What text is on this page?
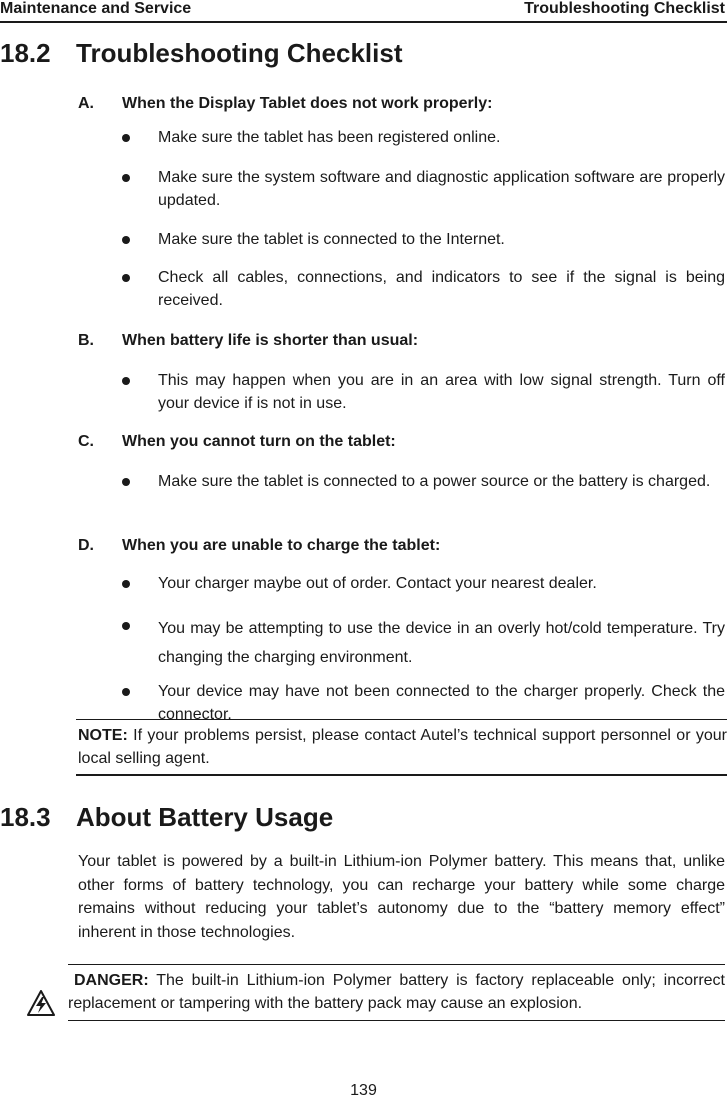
Maintenance and Service	Troubleshooting Checklist
18.2 Troubleshooting Checklist
A. When the Display Tablet does not work properly:
Make sure the tablet has been registered online.
Make sure the system software and diagnostic application software are properly updated.
Make sure the tablet is connected to the Internet.
Check all cables, connections, and indicators to see if the signal is being received.
B. When battery life is shorter than usual:
This may happen when you are in an area with low signal strength. Turn off your device if is not in use.
C. When you cannot turn on the tablet:
Make sure the tablet is connected to a power source or the battery is charged.
D. When you are unable to charge the tablet:
Your charger maybe out of order. Contact your nearest dealer.
You may be attempting to use the device in an overly hot/cold temperature. Try changing the charging environment.
Your device may have not been connected to the charger properly. Check the connector.
NOTE: If your problems persist, please contact Autel’s technical support personnel or your local selling agent.
18.3 About Battery Usage
Your tablet is powered by a built-in Lithium-ion Polymer battery. This means that, unlike other forms of battery technology, you can recharge your battery while some charge remains without reducing your tablet’s autonomy due to the “battery memory effect” inherent in those technologies.
DANGER: The built-in Lithium-ion Polymer battery is factory replaceable only; incorrect replacement or tampering with the battery pack may cause an explosion.
139
